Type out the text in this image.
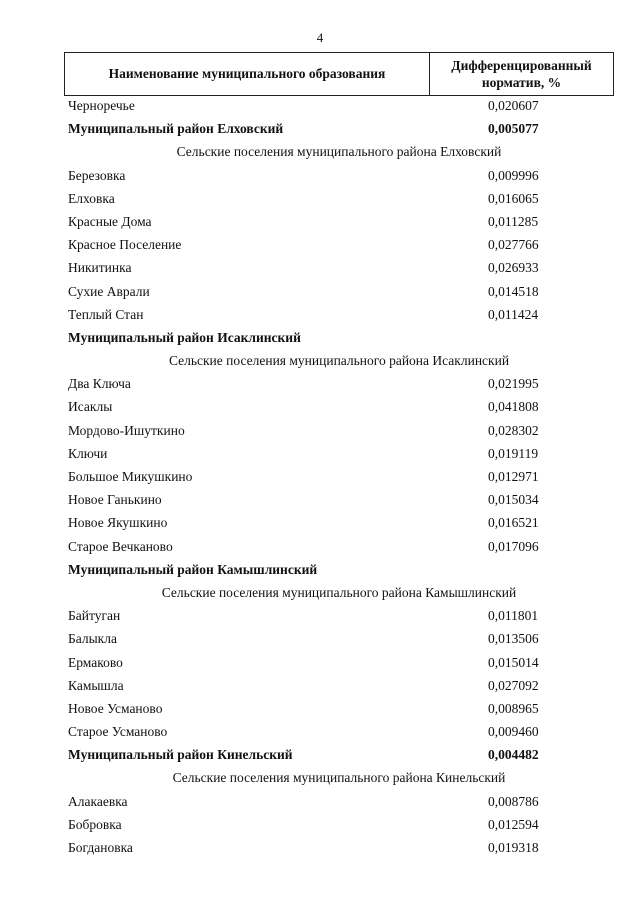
4
Наименование муниципального образования
Дифференцированный
норматив, %
Черноречье	0,020607
Муниципальный район Елховский	0,005077
Сельские поселения муниципального района Елховский
Березовка	0,009996
Елховка	0,016065
Красные Дома	0,011285
Красное Поселение	0,027766
Никитинка	0,026933
Сухие Аврали	0,014518
Теплый Стан	0,011424
Муниципальный район Исаклинский
Сельские поселения муниципального района Исаклинский
Два Ключа	0,021995
Исаклы	0,041808
Мордово-Ишуткино	0,028302
Ключи	0,019119
Большое Микушкино	0,012971
Новое Ганькино	0,015034
Новое Якушкино	0,016521
Старое Вечканово	0,017096
Муниципальный район Камышлинский
Сельские поселения муниципального района Камышлинский
Байтуган	0,011801
Балыкла	0,013506
Ермаково	0,015014
Камышла	0,027092
Новое Усманово	0,008965
Старое Усманово	0,009460
Муниципальный район Кинельский	0,004482
Сельские поселения муниципального района Кинельский
Алакаевка	0,008786
Бобровка	0,012594
Богдановка	0,019318
